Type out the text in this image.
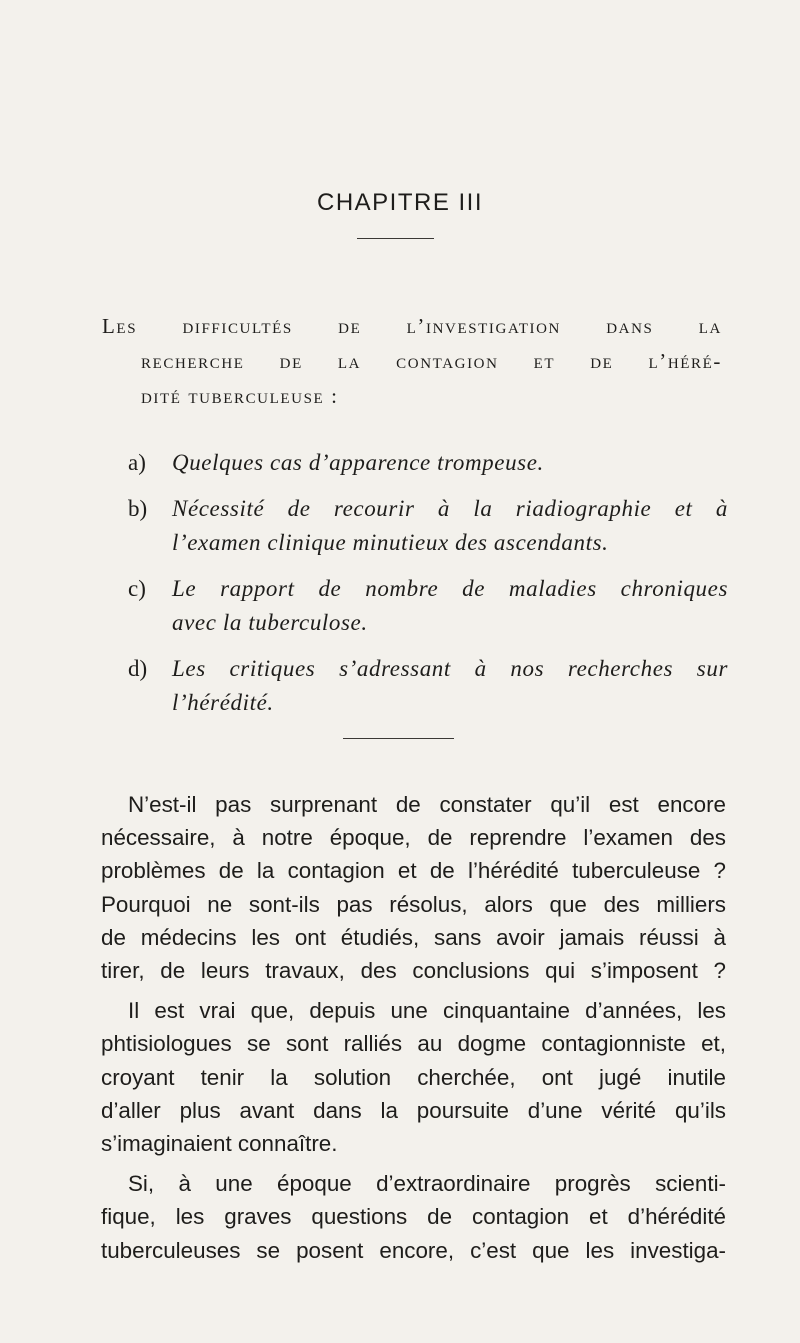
CHAPITRE III
Les difficultés de l’investigation dans la
recherche de la contagion et de l’héré-
dité tuberculeuse :
a) Quelques cas d’apparence trompeuse.
b) Nécessité de recourir à la riadiographie et à
l’examen clinique minutieux des ascendants.
c) Le rapport de nombre de maladies chroniques
avec la tuberculose.
d) Les critiques s’adressant à nos recherches sur
l’hérédité.

N’est-il pas surprenant de constater qu’il est encore
nécessaire, à notre époque, de reprendre l’examen des
problèmes de la contagion et de l’hérédité tuberculeuse ?
Pourquoi ne sont-ils pas résolus, alors que des milliers
de médecins les ont étudiés, sans avoir jamais réussi à
tirer, de leurs travaux, des conclusions qui s’imposent ?

Il est vrai que, depuis une cinquantaine d’années, les
phtisiologues se sont ralliés au dogme contagionniste et,
croyant tenir la solution cherchée, ont jugé inutile
d’aller plus avant dans la poursuite d’une vérité qu’ils
s’imaginaient connaître.

Si, à une époque d’extraordinaire progrès scienti-
fique, les graves questions de contagion et d’hérédité
tuberculeuses se posent encore, c’est que les investiga-
